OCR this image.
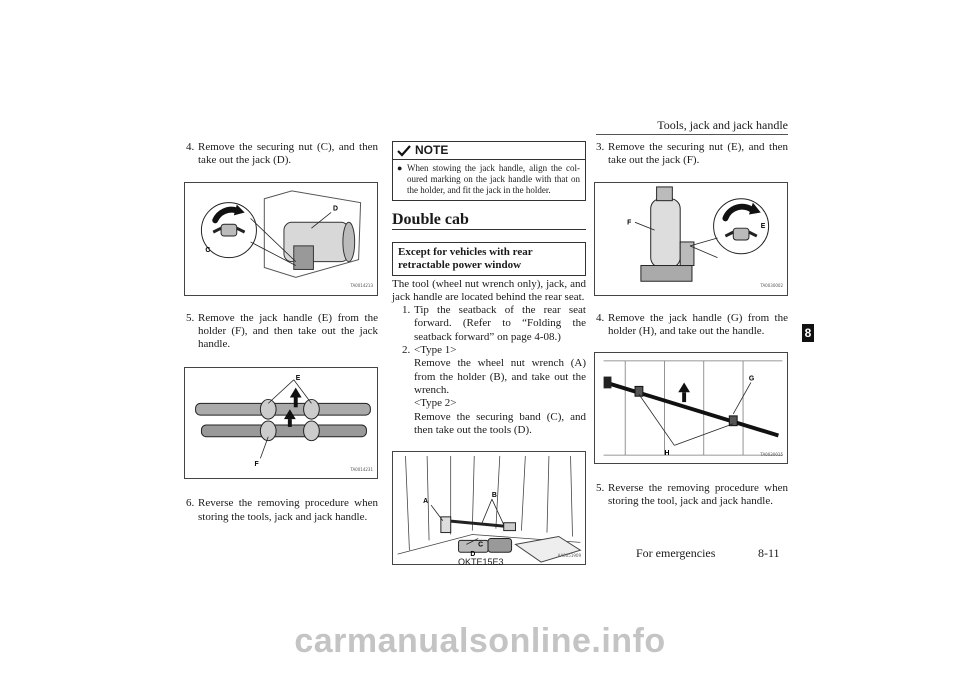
Tools, jack and jack handle
4. Remove the securing nut (C), and then take out the jack (D).
C
D
TA0014213
5. Remove the jack handle (E) from the holder (F), and then take out the jack handle.
E
F
TA0014231
6. Reverse the removing procedure when storing the tools, jack and jack handle.
NOTE
● When stowing the jack handle, align the col-oured marking on the jack handle with that on the holder, and fit the jack in the holder.
Double cab
Except for vehicles with rear retractable power window
The tool (wheel nut wrench only), jack, and jack handle are located behind the rear seat.
1. Tip the seatback of the rear seat forward. (Refer to “Folding the seatback forward” on page 4-08.)
2. <Type 1>
Remove the wheel nut wrench (A) from the holder (B), and take out the wrench.
<Type 2>
Remove the securing band (C), and then take out the tools (D).
A
B
C
D	AA0051909
3. Remove the securing nut (E), and then take out the jack (F).
F
E
TA0030002
4. Remove the jack handle (G) from the holder (H), and take out the handle.
G
H	TA0030015
5. Reverse the removing procedure when storing the tool, jack and jack handle.
OKTE15E3
For emergencies	8-11
8
carmanualsonline.info
